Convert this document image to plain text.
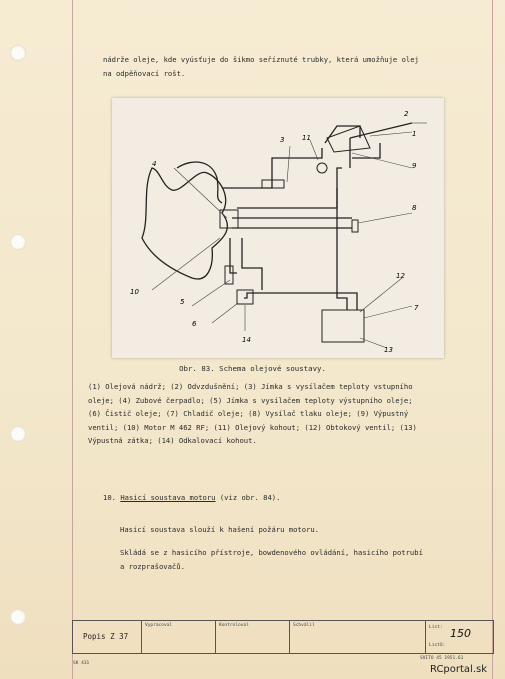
nádrže oleje, kde vyúsťuje do šikmo seříznuté trubky, která umožňuje olej
na odpěňovací rošt.
1
2
3
4
5
6
7
8
9
10
11
12
13
14
Obr. 83. Schema olejové soustavy.
(1) Olejová nádrž; (2) Odvzdušnění; (3) Jímka s vysílačem teploty vstupního
oleje; (4) Zubové čerpadlo; (5) Jímka s vysílačem teploty výstupního oleje;
(6) Čistič oleje; (7) Chladič oleje; (8) Vysílač tlaku oleje; (9) Výpustný
ventil; (10) Motor M 462 RF; (11) Olejový kohout; (12) Obtokový ventil; (13)
Výpustná zátka; (14) Odkalovací kohout.
10. Hasicí soustava motoru (viz obr. 84).
Hasicí soustava slouží k hašení požáru motoru.
Skládá se z hasicího přístroje, bowdenového ovládání, hasicího potrubí
a rozprašovačů.
Popis Z 37
Vypracoval	Kontroloval	Schválil	List: 150
Listů:
SK 431
SVITO 45 1951.61
RCportal.sk
